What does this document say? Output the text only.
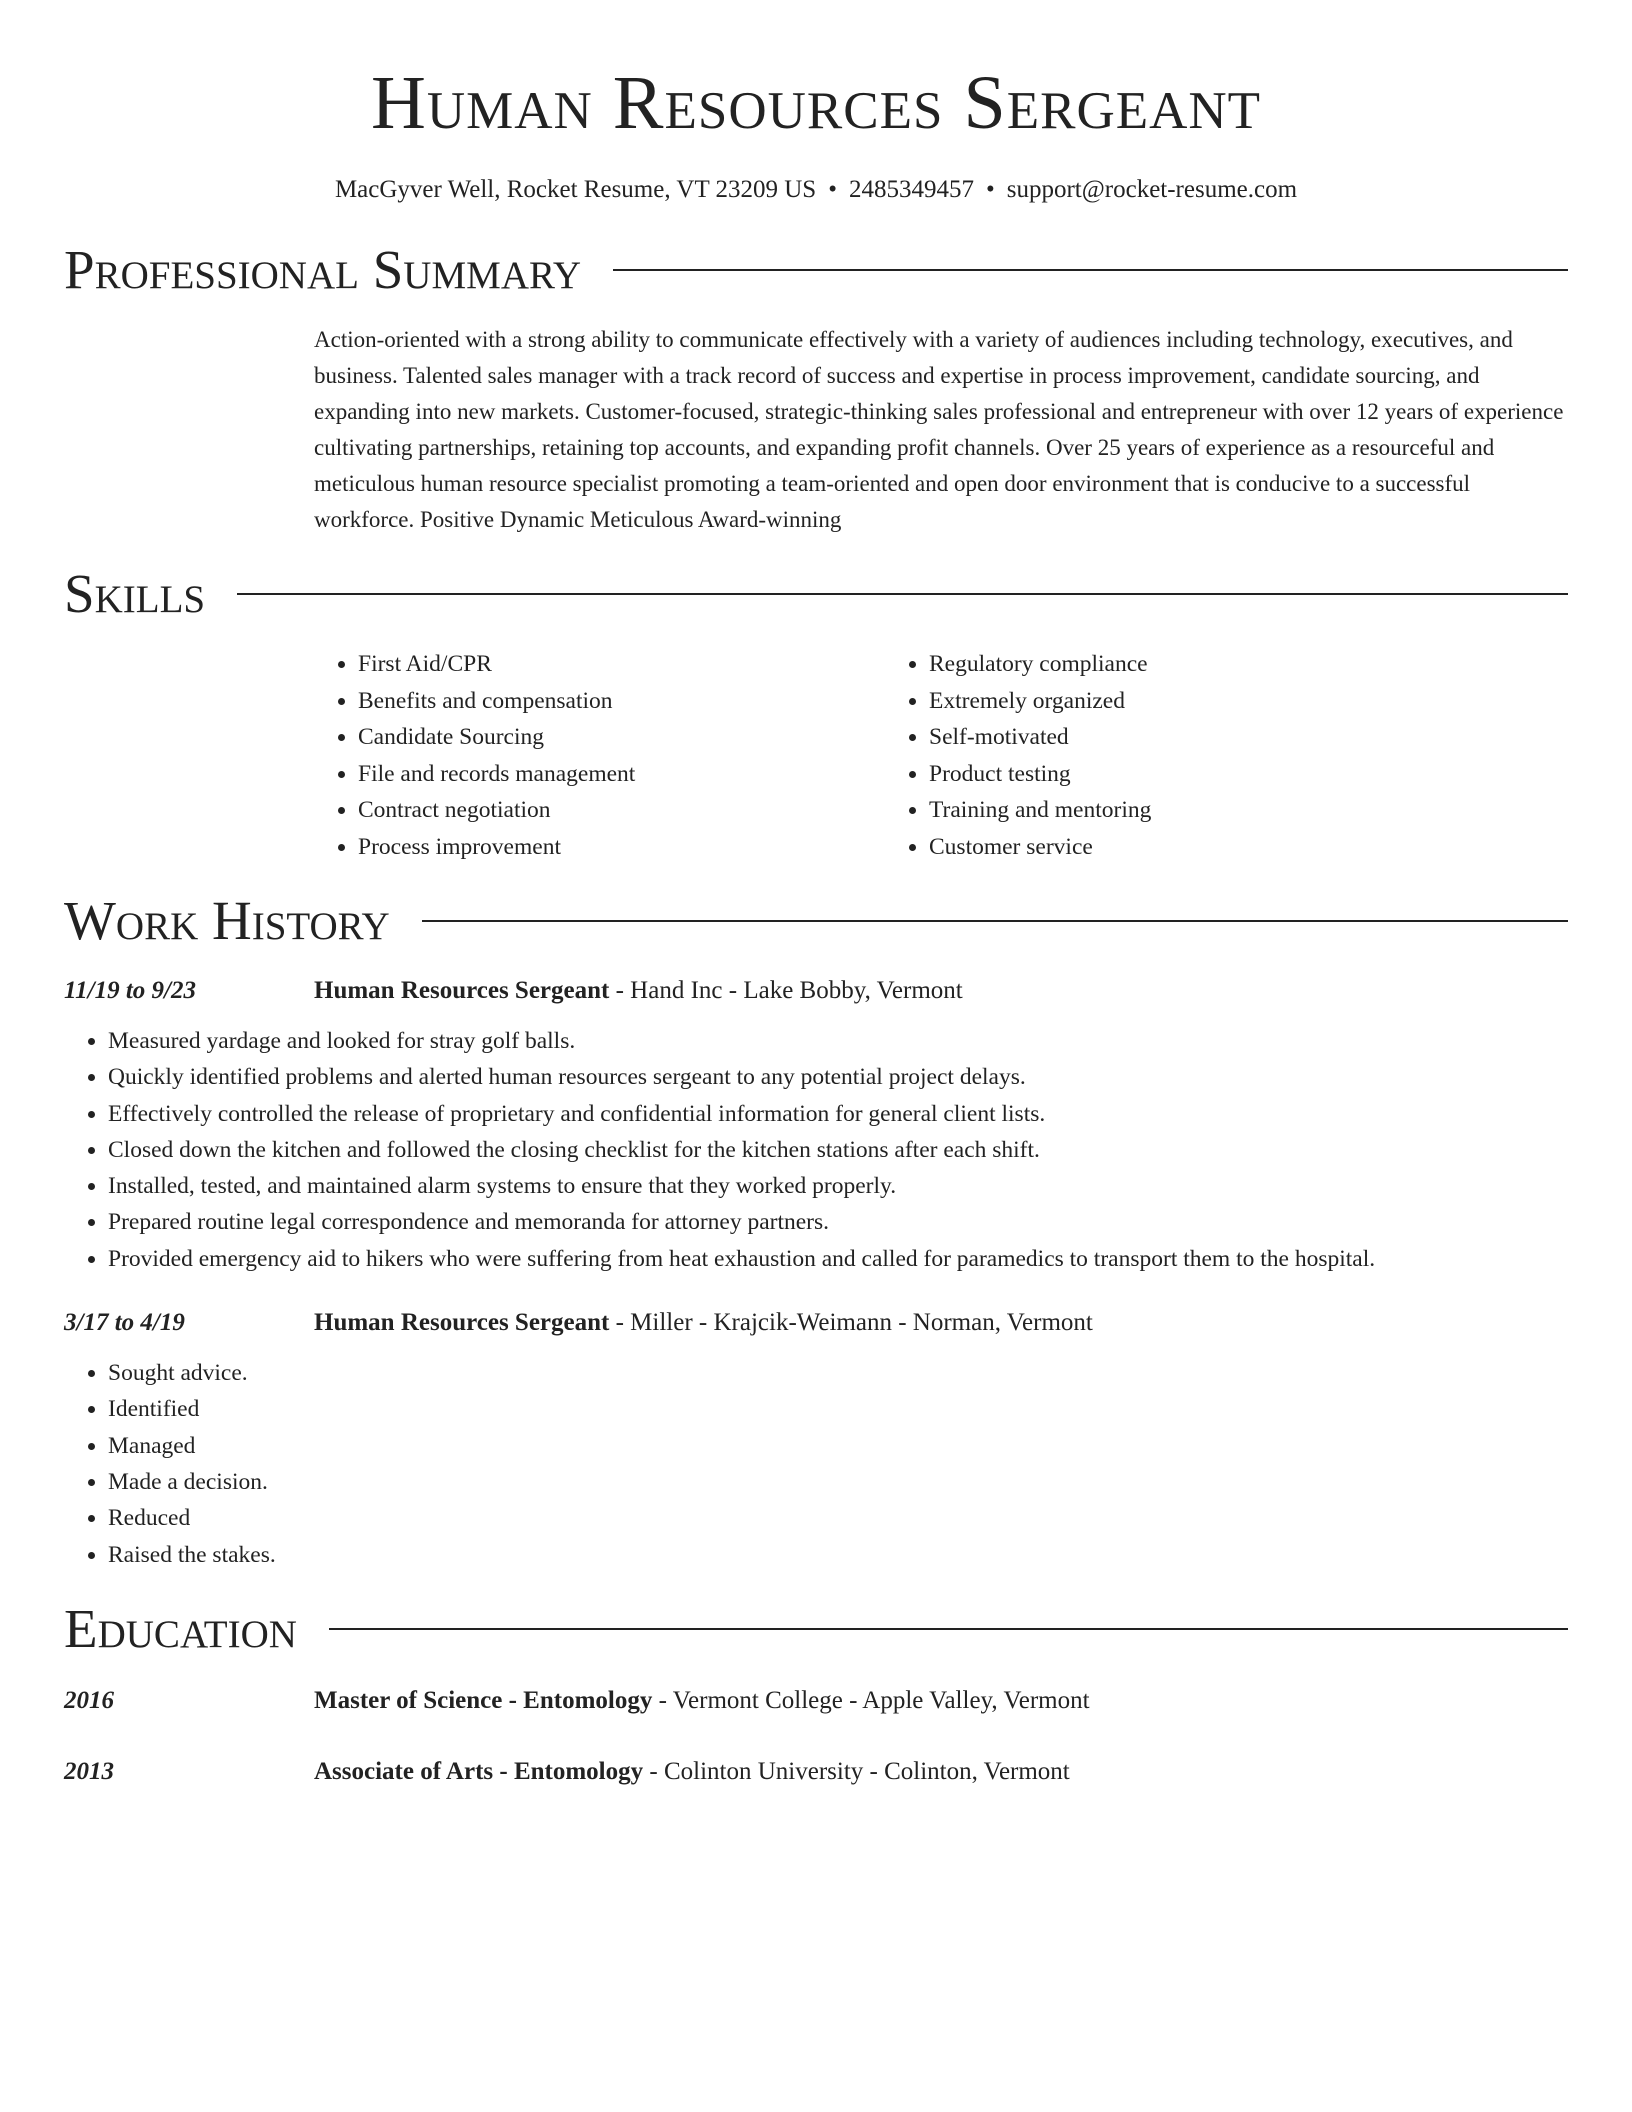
Human Resources Sergeant
MacGyver Well, Rocket Resume, VT 23209 US • 2485349457 • support@rocket-resume.com
Professional Summary
Action-oriented with a strong ability to communicate effectively with a variety of audiences including technology, executives, and business. Talented sales manager with a track record of success and expertise in process improvement, candidate sourcing, and expanding into new markets. Customer-focused, strategic-thinking sales professional and entrepreneur with over 12 years of experience cultivating partnerships, retaining top accounts, and expanding profit channels. Over 25 years of experience as a resourceful and meticulous human resource specialist promoting a team-oriented and open door environment that is conducive to a successful workforce. Positive Dynamic Meticulous Award-winning
Skills
• First Aid/CPR
• Benefits and compensation
• Candidate Sourcing
• File and records management
• Contract negotiation
• Process improvement
• Regulatory compliance
• Extremely organized
• Self-motivated
• Product testing
• Training and mentoring
• Customer service
Work History
11/19 to 9/23	Human Resources Sergeant - Hand Inc - Lake Bobby, Vermont
• Measured yardage and looked for stray golf balls.
• Quickly identified problems and alerted human resources sergeant to any potential project delays.
• Effectively controlled the release of proprietary and confidential information for general client lists.
• Closed down the kitchen and followed the closing checklist for the kitchen stations after each shift.
• Installed, tested, and maintained alarm systems to ensure that they worked properly.
• Prepared routine legal correspondence and memoranda for attorney partners.
• Provided emergency aid to hikers who were suffering from heat exhaustion and called for paramedics to transport them to the hospital.
3/17 to 4/19	Human Resources Sergeant - Miller - Krajcik-Weimann - Norman, Vermont
• Sought advice.
• Identified
• Managed
• Made a decision.
• Reduced
• Raised the stakes.
Education
2016	Master of Science - Entomology - Vermont College - Apple Valley, Vermont
2013	Associate of Arts - Entomology - Colinton University - Colinton, Vermont
